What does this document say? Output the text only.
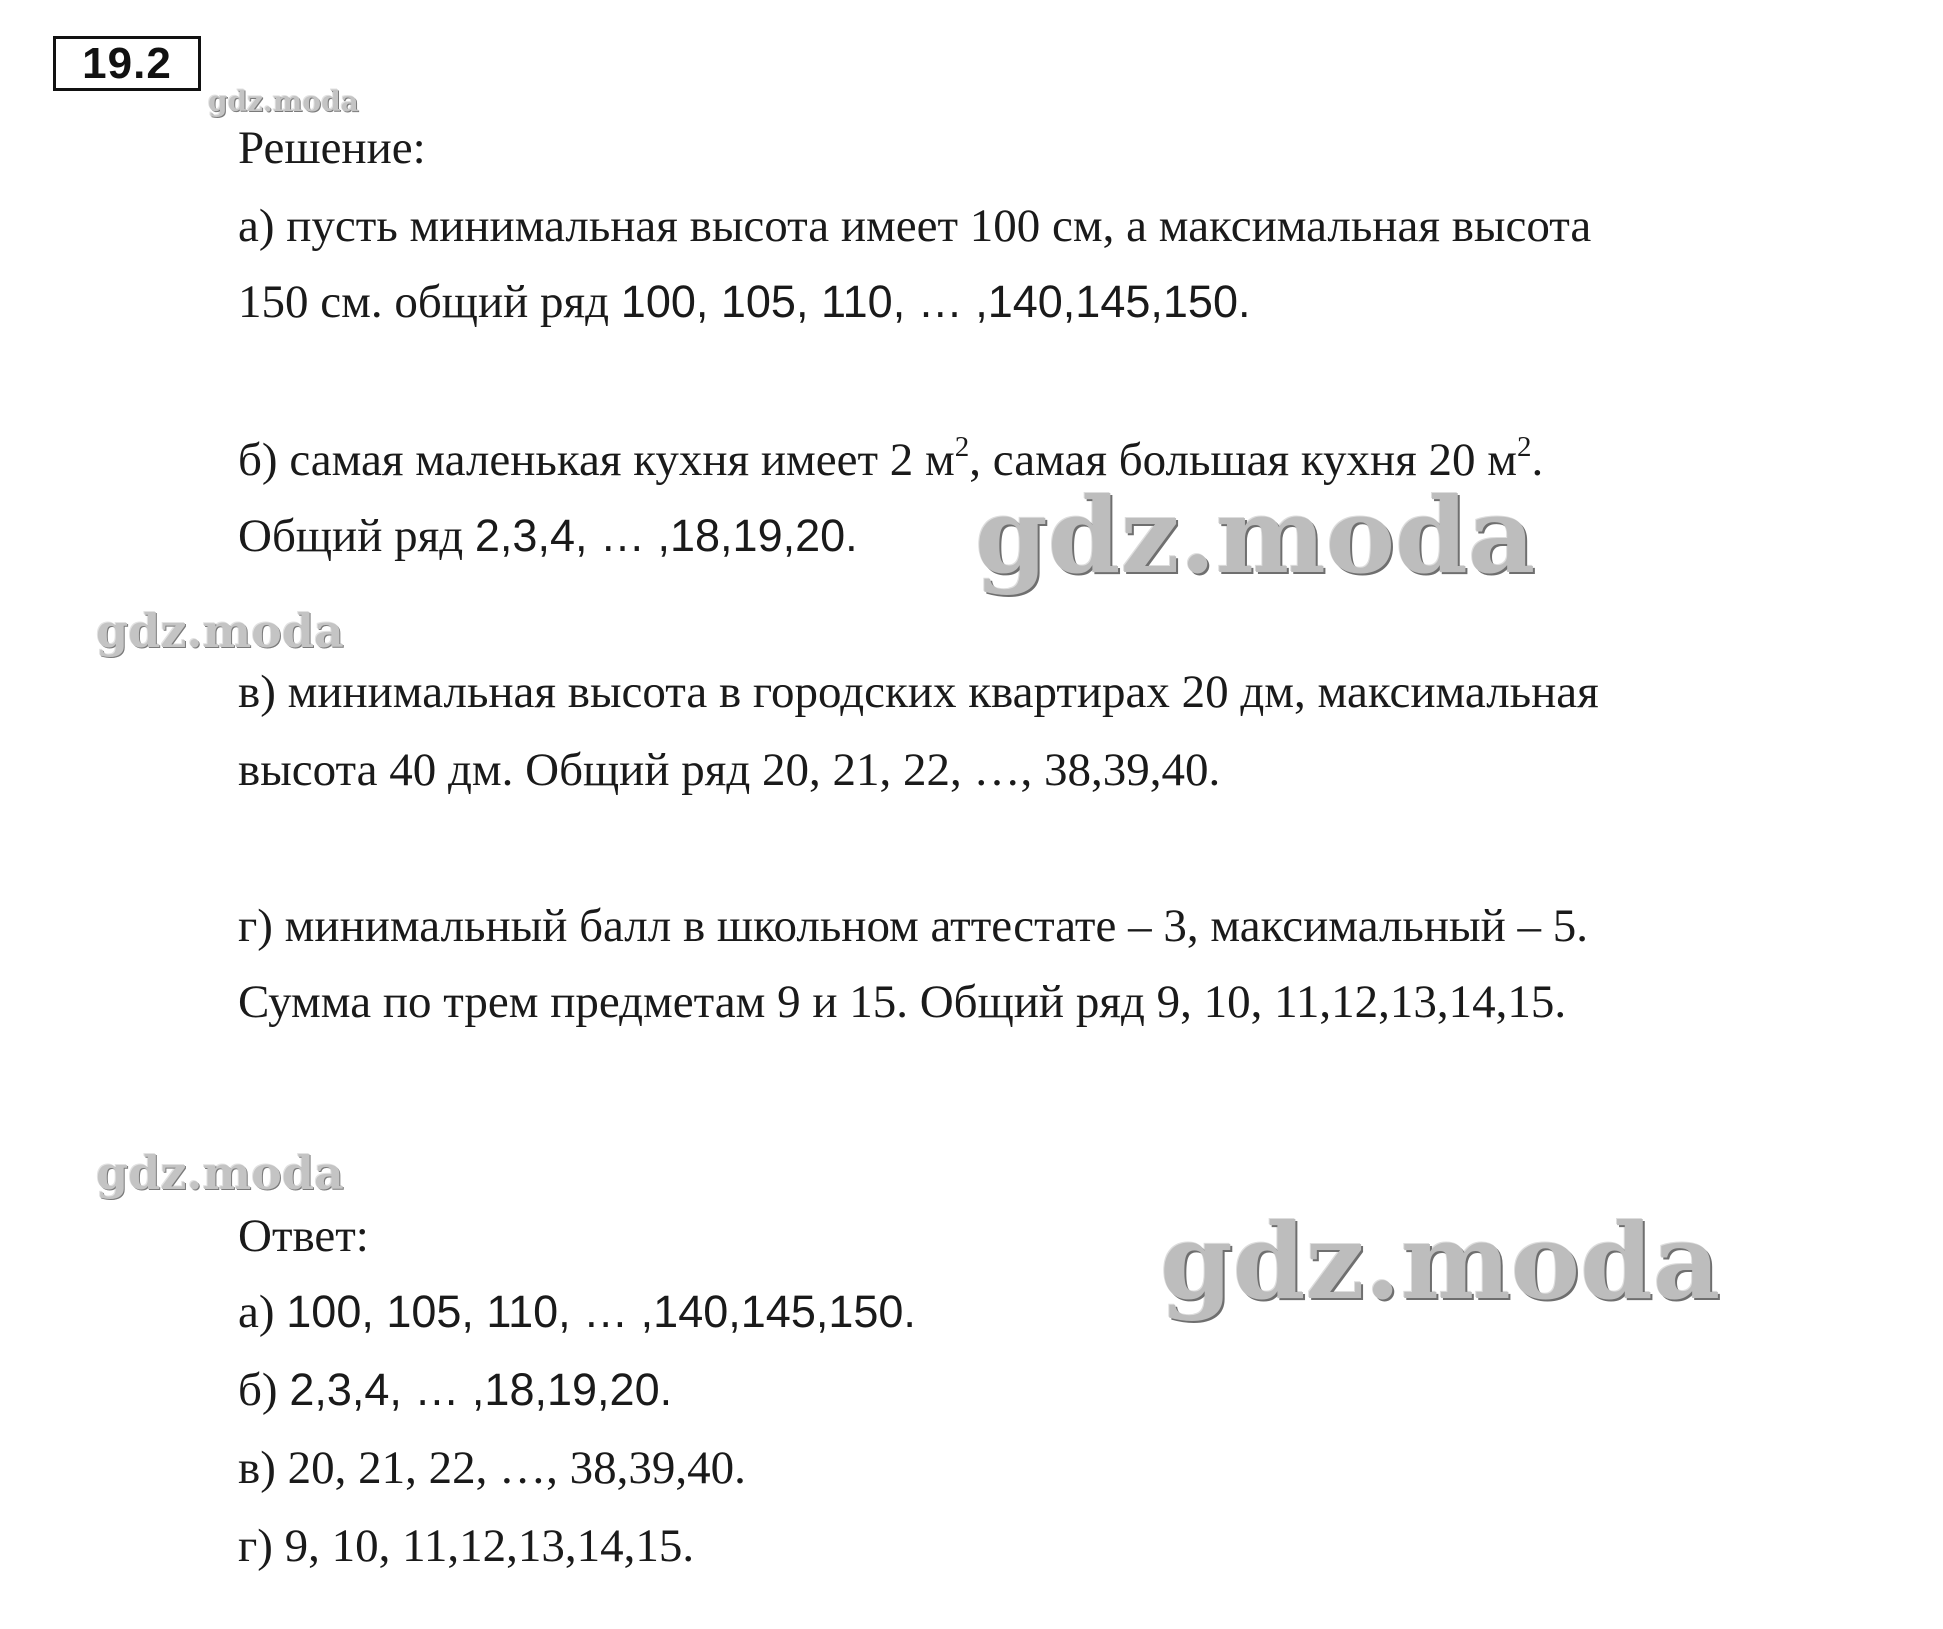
19.2
gdz.moda
Решение:
а) пусть минимальная высота имеет 100 см, а максимальная высота
150 см. общий ряд 100, 105, 110, … ,140,145,150.
б) самая маленькая кухня имеет 2 $м^2$, самая большая кухня 20 $м^2$.
Общий ряд 2,3,4, … ,18,19,20.
в) минимальная высота в городских квартирах 20 дм, максимальная
высота 40 дм. Общий ряд 20, 21, 22, …, 38,39,40.
г) минимальный балл в школьном аттестате – 3, максимальный – 5.
Сумма по трем предметам 9 и 15. Общий ряд 9, 10, 11,12,13,14,15.
Ответ:
а) 100, 105, 110, … ,140,145,150.
б) 2,3,4, … ,18,19,20.
в) 20, 21, 22, …, 38,39,40.
г) 9, 10, 11,12,13,14,15.
gdz.moda
gdz.moda
gdz.moda
gdz.moda
